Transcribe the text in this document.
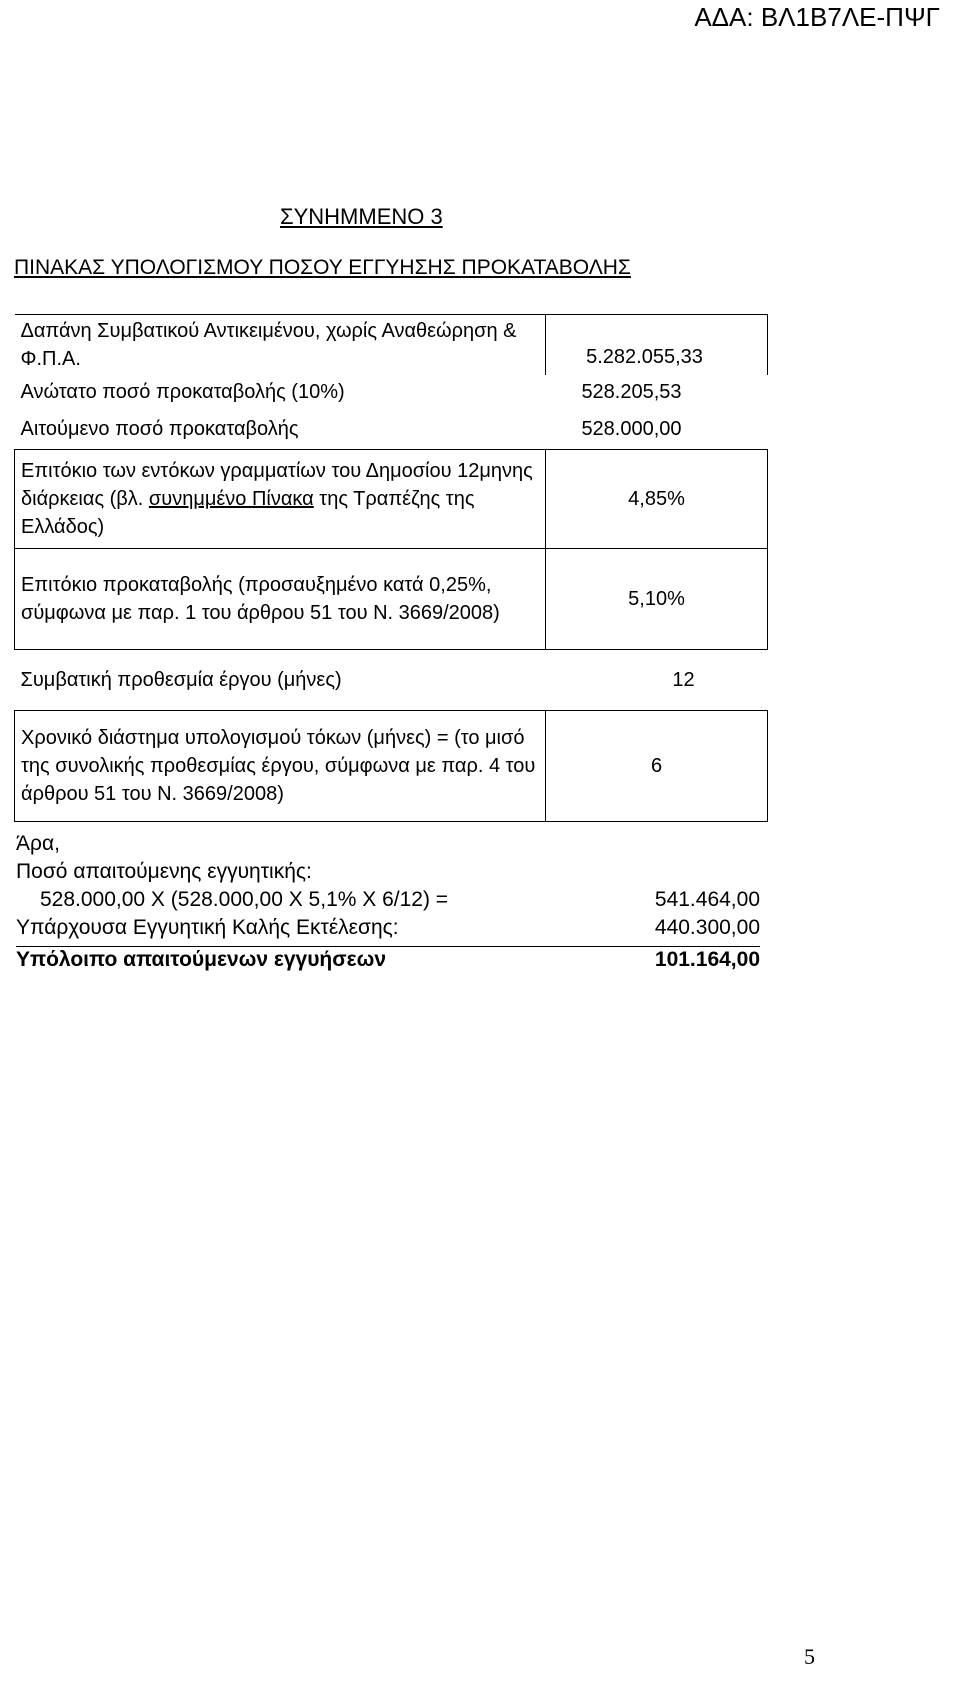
ΑΔΑ: ΒΛ1Β7ΛΕ-ΠΨΓ
ΣΥΝΗΜΜΕΝΟ 3
ΠΙΝΑΚΑΣ ΥΠΟΛΟΓΙΣΜΟΥ ΠΟΣΟΥ ΕΓΓΥΗΣΗΣ ΠΡΟΚΑΤΑΒΟΛΗΣ
Δαπάνη Συμβατικού Αντικειμένου, χωρίς Αναθεώρηση & Φ.Π.Α.	5.282.055,33
Ανώτατο ποσό προκαταβολής (10%)	528.205,53
Αιτούμενο ποσό προκαταβολής	528.000,00
Επιτόκιο των εντόκων γραμματίων του Δημοσίου 12μηνης διάρκειας (βλ. συνημμένο Πίνακα της Τραπέζης της Ελλάδος)	4,85%
Επιτόκιο προκαταβολής (προσαυξημένο κατά 0,25%, σύμφωνα με παρ. 1 του άρθρου 51 του Ν. 3669/2008)	5,10%
Συμβατική προθεσμία έργου (μήνες)	12
Χρονικό διάστημα υπολογισμού τόκων (μήνες) = (το μισό της συνολικής προθεσμίας έργου, σύμφωνα με παρ. 4 του άρθρου 51 του Ν. 3669/2008)	6
Άρα,
Ποσό απαιτούμενης εγγυητικής:
528.000,00 Χ (528.000,00 Χ 5,1% Χ 6/12) =	541.464,00
Υπάρχουσα Εγγυητική Καλής Εκτέλεσης:	440.300,00
Υπόλοιπο απαιτούμενων εγγυήσεων	101.164,00
5
